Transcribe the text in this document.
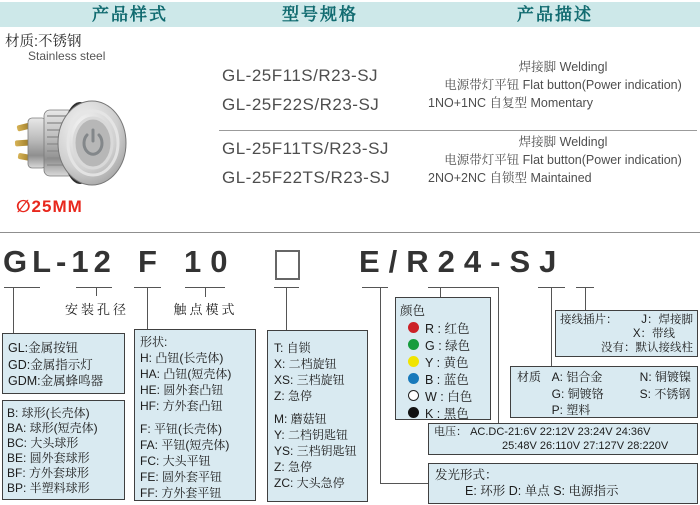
产品样式	型号规格	产品描述
材质:不锈钢
Stainless steel
∅25MM
GL-25F11S/R23-SJ
GL-25F22S/R23-SJ
焊接脚 Weldingl
电源带灯平钮 Flat button(Power indication)
1NO+1NC 自复型 Momentary
GL-25F11TS/R23-SJ
GL-25F22TS/R23-SJ
焊接脚 Weldingl
电源带灯平钮 Flat button(Power indication)
2NO+2NC 自锁型 Maintained
GL-12 F 10	E/R24-SJ
安装孔径	触点模式
GL:金属按钮
GD:金属指示灯
GDM:金属蜂鸣器
B: 球形(长壳体)
BA: 球形(短壳体)
BC: 大头球形
BE: 圆外套球形
BF: 方外套球形
BP: 半塑料球形
形状:
H: 凸钮(长壳体)
HA: 凸钮(短壳体)
HE: 圆外套凸钮
HF: 方外套凸钮
F: 平钮(长壳体)
FA: 平钮(短壳体)
FC: 大头平钮
FE: 圆外套平钮
FF: 方外套平钮
T: 自锁
X: 二档旋钮
XS: 三档旋钮
Z: 急停
M: 蘑菇钮
Y: 二档钥匙钮
YS: 三档钥匙钮
Z: 急停
ZC: 大头急停
颜色
R : 红色
G : 绿色
Y : 黄色
B : 蓝色
W : 白色
K : 黑色
接线插片： J：焊接脚
X：带线
没有：默认接线柱
材质 A: 铝合金	N: 铜镀镍
G: 铜镀铬	S: 不锈钢
P: 塑料
电压： AC.DC-21:6V 22:12V 23:24V 24:36V
25:48V 26:110V 27:127V 28:220V
发光形式：
E: 环形 D: 单点 S: 电源指示
